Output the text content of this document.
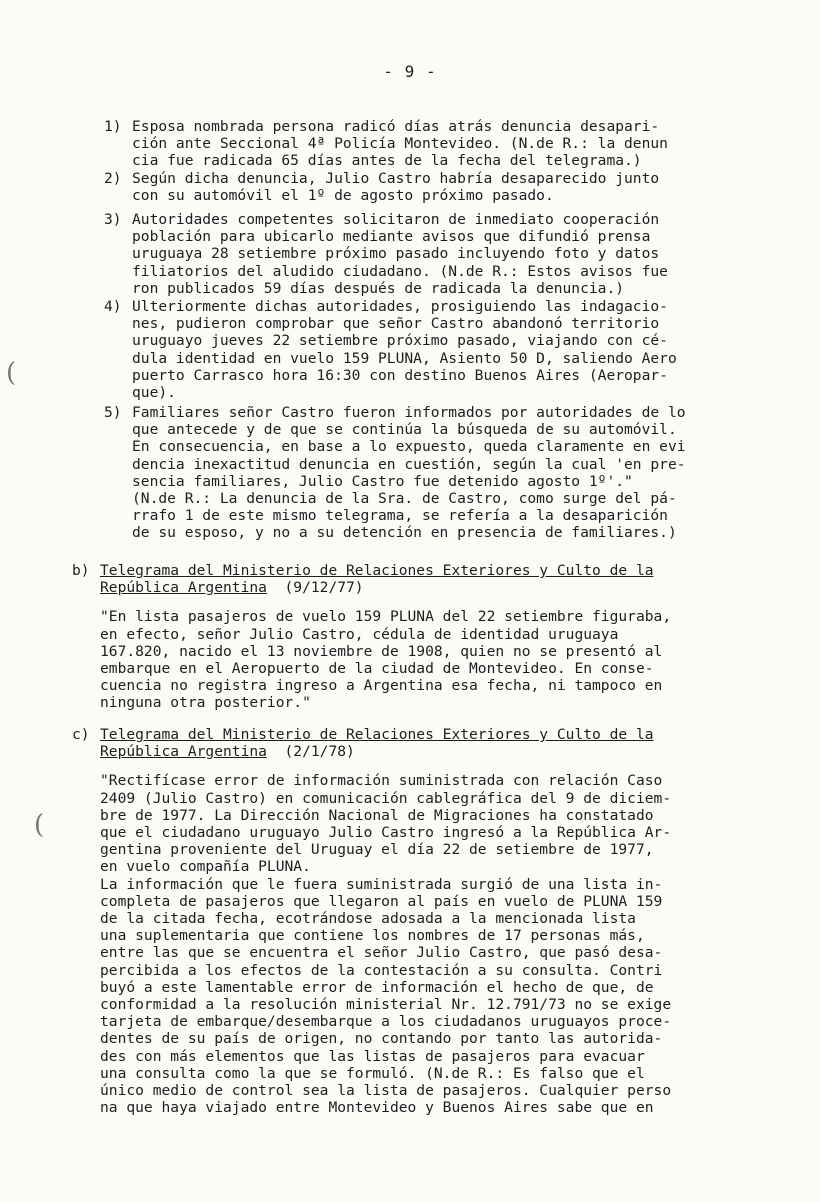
- 9 -
(
(
1) Esposa nombrada persona radicó días atrás denuncia desapari-
ción ante Seccional 4ª Policía Montevideo. (N.de R.: la denun
cia fue radicada 65 días antes de la fecha del telegrama.)
2) Según dicha denuncia, Julio Castro habría desaparecido junto
con su automóvil el 1º de agosto próximo pasado.
3) Autoridades competentes solicitaron de inmediato cooperación
población para ubicarlo mediante avisos que difundió prensa
uruguaya 28 setiembre próximo pasado incluyendo foto y datos
filiatorios del aludido ciudadano. (N.de R.: Estos avisos fue
ron publicados 59 días después de radicada la denuncia.)
4) Ulteriormente dichas autoridades, prosiguiendo las indagacio-
nes, pudieron comprobar que señor Castro abandonó territorio
uruguayo jueves 22 setiembre próximo pasado, viajando con cé-
dula identidad en vuelo 159 PLUNA, Asiento 50 D, saliendo Aero
puerto Carrasco hora 16:30 con destino Buenos Aires (Aeropar-
que).
5) Familiares señor Castro fueron informados por autoridades de lo
que antecede y de que se continúa la búsqueda de su automóvil.
En consecuencia, en base a lo expuesto, queda claramente en evi
dencia inexactitud denuncia en cuestión, según la cual 'en pre-
sencia familiares, Julio Castro fue detenido agosto 1º'."
(N.de R.: La denuncia de la Sra. de Castro, como surge del pá-
rrafo 1 de este mismo telegrama, se refería a la desaparición
de su esposo, y no a su detención en presencia de familiares.)
b) Telegrama del Ministerio de Relaciones Exteriores y Culto de la
República Argentina (9/12/77)
"En lista pasajeros de vuelo 159 PLUNA del 22 setiembre figuraba,
en efecto, señor Julio Castro, cédula de identidad uruguaya
167.820, nacido el 13 noviembre de 1908, quien no se presentó al
embarque en el Aeropuerto de la ciudad de Montevideo. En conse-
cuencia no registra ingreso a Argentina esa fecha, ni tampoco en
ninguna otra posterior."
c) Telegrama del Ministerio de Relaciones Exteriores y Culto de la
República Argentina (2/1/78)
"Rectifícase error de información suministrada con relación Caso
2409 (Julio Castro) en comunicación cablegráfica del 9 de diciem-
bre de 1977. La Dirección Nacional de Migraciones ha constatado
que el ciudadano uruguayo Julio Castro ingresó a la República Ar-
gentina proveniente del Uruguay el día 22 de setiembre de 1977,
en vuelo compañía PLUNA.
La información que le fuera suministrada surgió de una lista in-
completa de pasajeros que llegaron al país en vuelo de PLUNA 159
de la citada fecha, ecotrándose adosada a la mencionada lista
una suplementaria que contiene los nombres de 17 personas más,
entre las que se encuentra el señor Julio Castro, que pasó desa-
percibida a los efectos de la contestación a su consulta. Contri
buyó a este lamentable error de información el hecho de que, de
conformidad a la resolución ministerial Nr. 12.791/73 no se exige
tarjeta de embarque/desembarque a los ciudadanos uruguayos proce-
dentes de su país de origen, no contando por tanto las autorida-
des con más elementos que las listas de pasajeros para evacuar
una consulta como la que se formuló. (N.de R.: Es falso que el
único medio de control sea la lista de pasajeros. Cualquier perso
na que haya viajado entre Montevideo y Buenos Aires sabe que en
